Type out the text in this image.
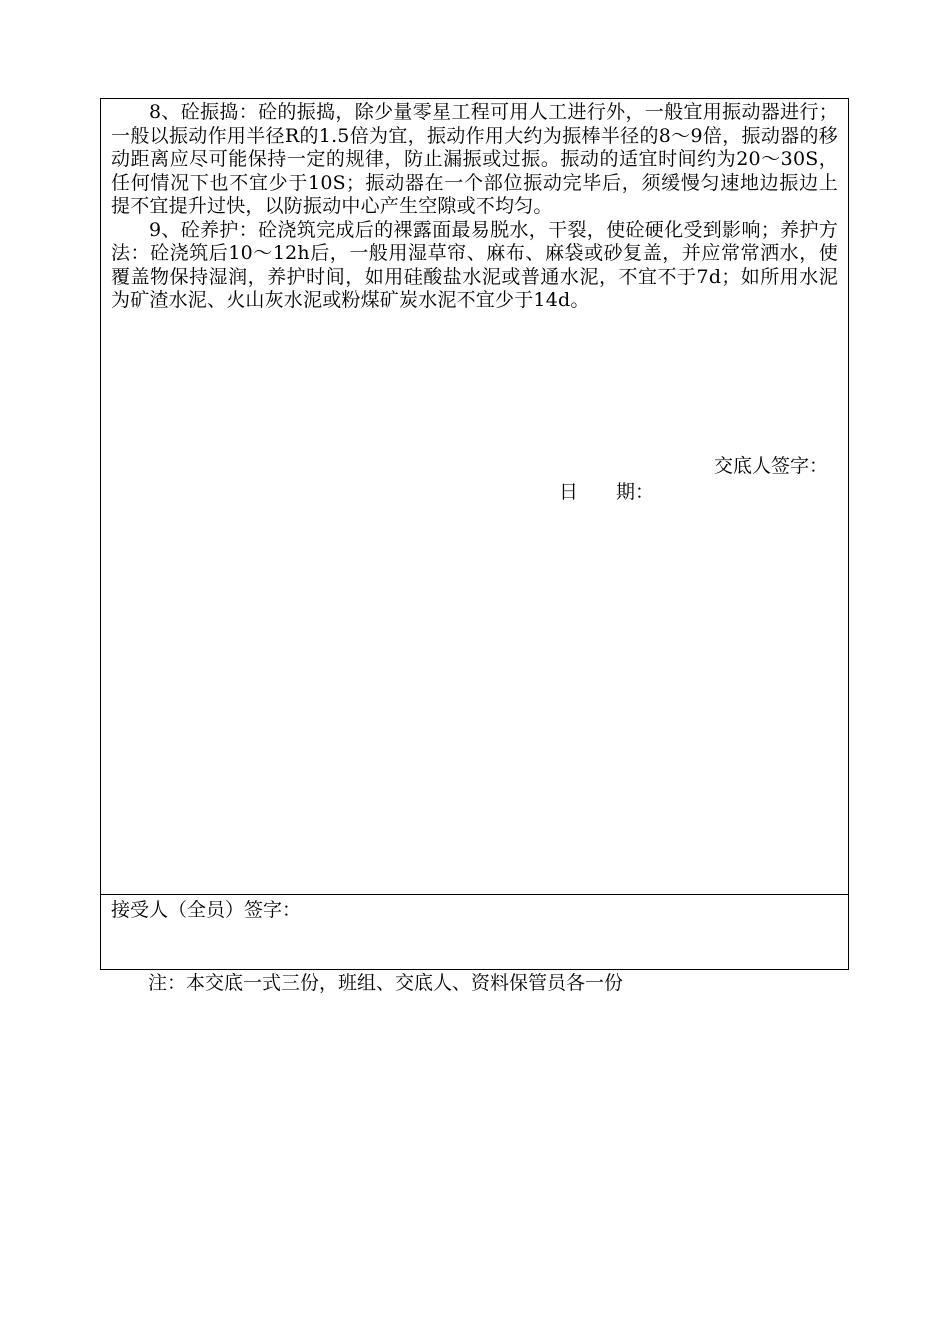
8、砼振捣：砼的振捣，除少量零星工程可用人工进行外，一般宜用振动器进行；一般以振动作用半径R的1.5倍为宜，振动作用大约为振棒半径的8～9倍，振动器的移动距离应尽可能保持一定的规律，防止漏振或过振。振动的适宜时间约为20～30S，任何情况下也不宜少于10S；振动器在一个部位振动完毕后，须缓慢匀速地边振边上提不宜提升过快，以防振动中心产生空隙或不均匀。

9、砼养护：砼浇筑完成后的裸露面最易脱水，干裂，使砼硬化受到影响；养护方法：砼浇筑后10～12h后，一般用湿草帘、麻布、麻袋或砂复盖，并应常常洒水，使覆盖物保持湿润，养护时间，如用硅酸盐水泥或普通水泥，不宜不于7d；如所用水泥为矿渣水泥、火山灰水泥或粉煤矿炭水泥不宜少于14d。

交底人签字：
日　　期：
接受人（全员）签字：
注：本交底一式三份，班组、交底人、资料保管员各一份
